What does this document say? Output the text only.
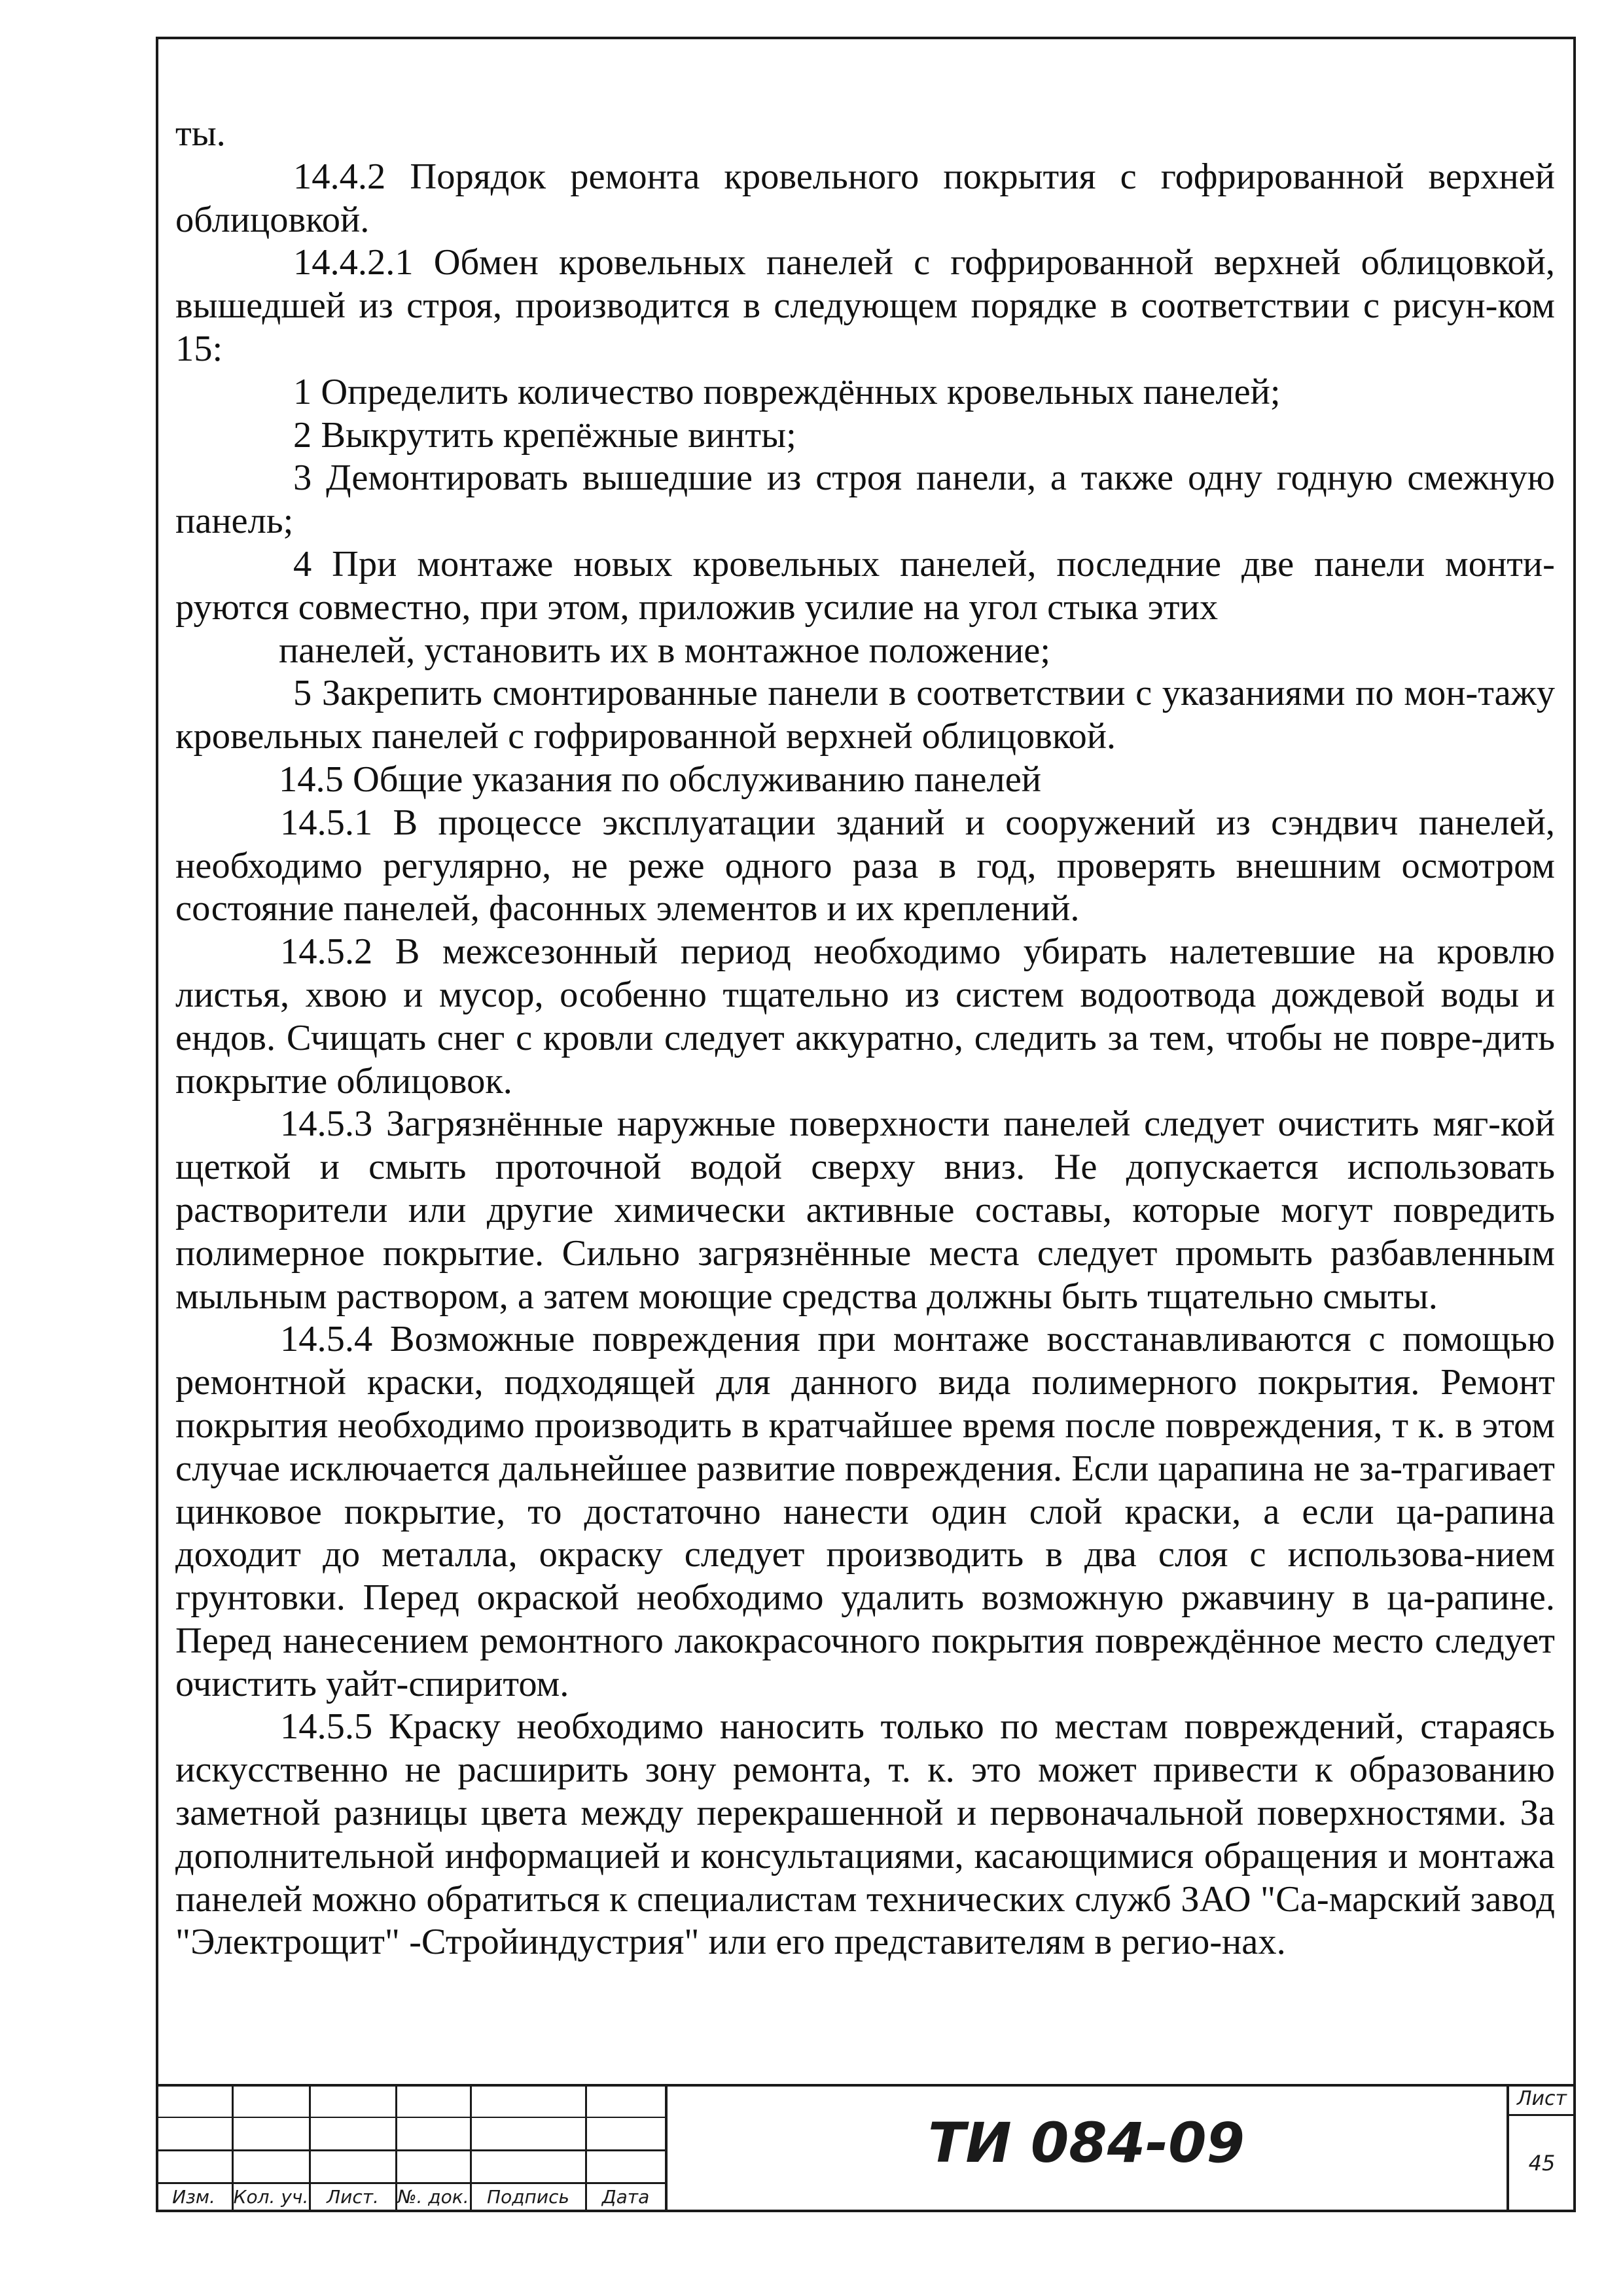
ты.

14.4.2 Порядок ремонта кровельного покрытия с гофрированной верхней облицовкой.

14.4.2.1 Обмен кровельных панелей с гофрированной верхней облицовкой, вышедшей из строя, производится в следующем порядке в соответствии с рисун-ком 15:

1 Определить количество повреждённых кровельных панелей;

2 Выкрутить крепёжные винты;

3 Демонтировать вышедшие из строя панели, а также одну годную смежную панель;

4 При монтаже новых кровельных панелей, последние две панели монти-руются совместно, при этом, приложив усилие на угол стыка этих

панелей, установить их в монтажное положение;

5 Закрепить смонтированные панели в соответствии с указаниями по мон-тажу кровельных панелей с гофрированной верхней облицовкой.

14.5 Общие указания по обслуживанию панелей

14.5.1 В процессе эксплуатации зданий и сооружений из сэндвич панелей, необходимо регулярно, не реже одного раза в год, проверять внешним осмотром состояние панелей, фасонных элементов и их креплений.

14.5.2 В межсезонный период необходимо убирать налетевшие на кровлю листья, хвою и мусор, особенно тщательно из систем водоотвода дождевой воды и ендов. Счищать снег с кровли следует аккуратно, следить за тем, чтобы не повре-дить покрытие облицовок.

14.5.3 Загрязнённые наружные поверхности панелей следует очистить мяг-кой щеткой и смыть проточной водой сверху вниз. Не допускается использовать растворители или другие химически активные составы, которые могут повредить полимерное покрытие. Сильно загрязнённые места следует промыть разбавленным мыльным раствором, а затем моющие средства должны быть тщательно смыты.

14.5.4 Возможные повреждения при монтаже восстанавливаются с помощью ремонтной краски, подходящей для данного вида полимерного покрытия. Ремонт покрытия необходимо производить в кратчайшее время после повреждения, т к. в этом случае исключается дальнейшее развитие повреждения. Если царапина не за-трагивает цинковое покрытие, то достаточно нанести один слой краски, а если ца-рапина доходит до металла, окраску следует производить в два слоя с использова-нием грунтовки. Перед окраской необходимо удалить возможную ржавчину в ца-рапине. Перед нанесением ремонтного лакокрасочного покрытия повреждённое место следует очистить уайт-спиритом.

14.5.5 Краску необходимо наносить только по местам повреждений, стараясь искусственно не расширить зону ремонта, т. к. это может привести к образованию заметной разницы цвета между перекрашенной и первоначальной поверхностями. За дополнительной информацией и консультациями, касающимися обращения и монтажа панелей можно обратиться к специалистам технических служб ЗАО "Са-марский завод "Электрощит" -Стройиндустрия" или его представителям в регио-нах.

Изм. Кол. уч. Лист.	№. док. Подпись	Дата
ТИ 084-09
Лист
45
